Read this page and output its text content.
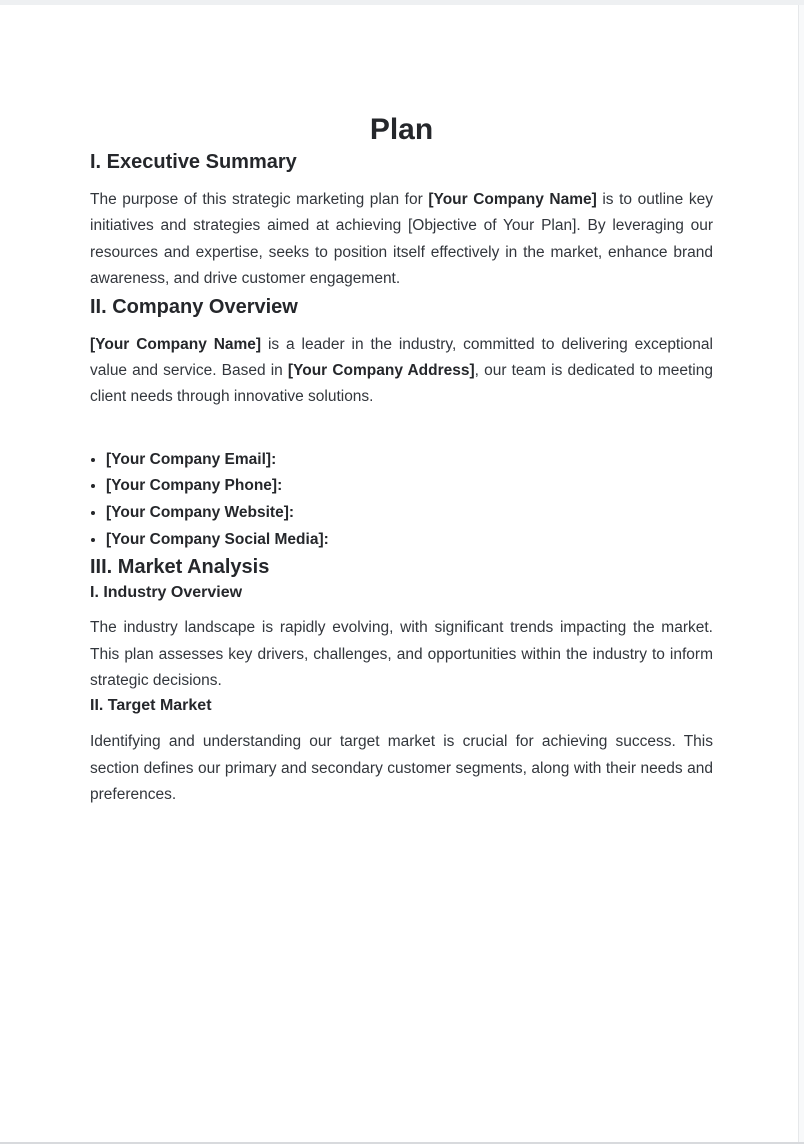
Plan
I. Executive Summary

The purpose of this strategic marketing plan for [Your Company Name] is to outline key initiatives and strategies aimed at achieving [Objective of Your Plan]. By leveraging our resources and expertise, seeks to position itself effectively in the market, enhance brand awareness, and drive customer engagement.

II. Company Overview

[Your Company Name] is a leader in the industry, committed to delivering exceptional value and service. Based in [Your Company Address], our team is dedicated to meeting client needs through innovative solutions.

• [Your Company Email]:
• [Your Company Phone]:
• [Your Company Website]:
• [Your Company Social Media]:
III. Market Analysis
I. Industry Overview

The industry landscape is rapidly evolving, with significant trends impacting the market. This plan assesses key drivers, challenges, and opportunities within the industry to inform strategic decisions.

II. Target Market

Identifying and understanding our target market is crucial for achieving success. This section defines our primary and secondary customer segments, along with their needs and preferences.
